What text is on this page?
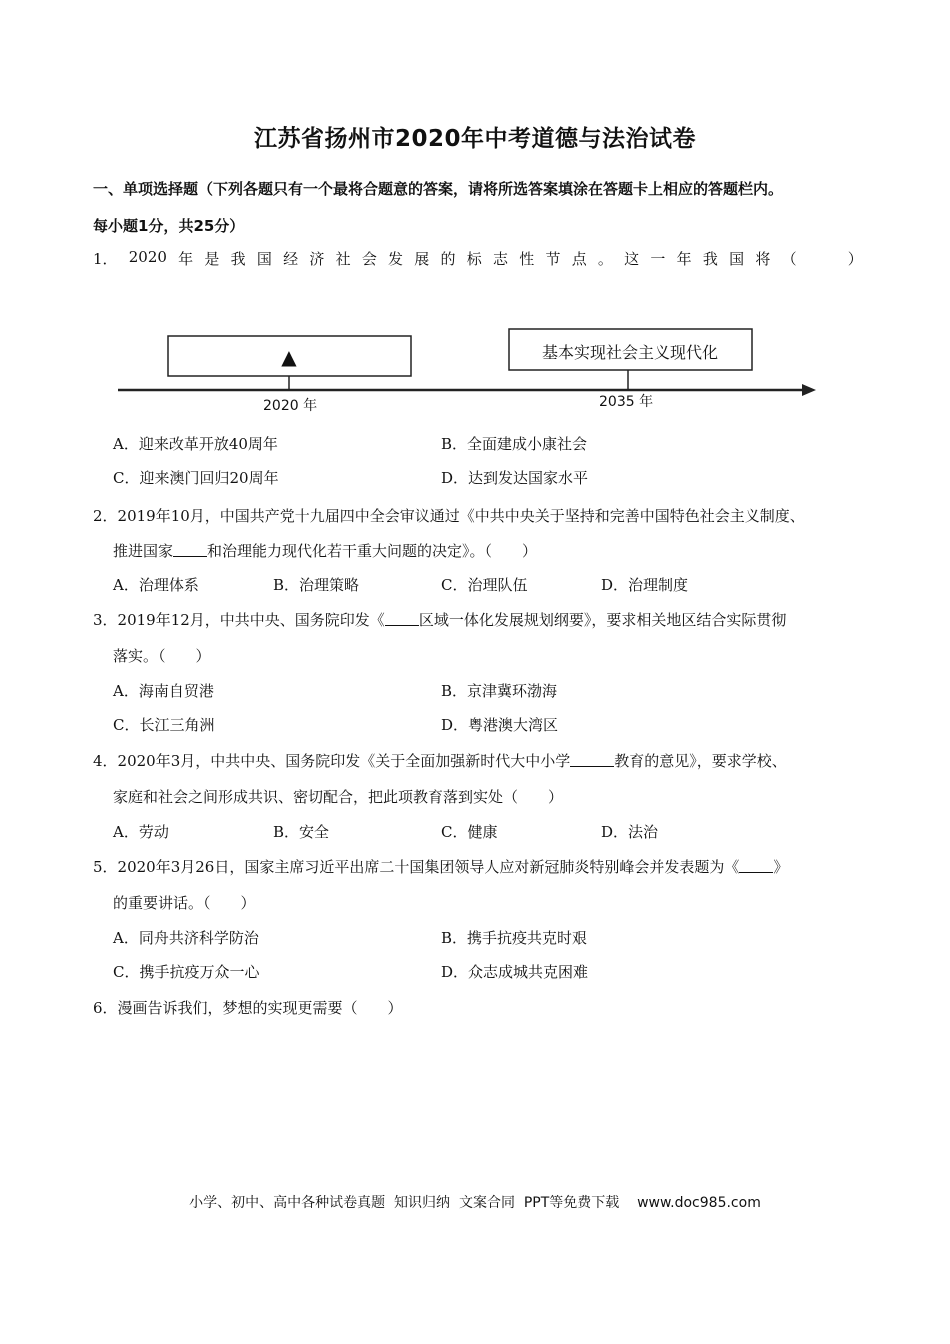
江苏省扬州市2020年中考道德与法治试卷
一、单项选择题（下列各题只有一个最将合题意的答案，请将所选答案填涂在答题卡上相应的答题栏内。
每小题1分，共25分）
1． 2020 年 是 我 国 经 济 社 会 发 展 的 标 志 性 节 点 。 这 一 年 我 国 将 （	）
▲	基本实现社会主义现代化
2020 年	2035 年
A．迎来改革开放40周年	B．全面建成小康社会
C．迎来澳门回归20周年	D．达到发达国家水平
2．2019年10月，中国共产党十九届四中全会审议通过《中共中央关于坚持和完善中国特色社会主义制度、
推进国家 和治理能力现代化若干重大问题的决定》。（　　）
A．治理体系	B．治理策略	C．治理队伍	D．治理制度
3．2019年12月，中共中央、国务院印发《 区域一体化发展规划纲要》，要求相关地区结合实际贯彻
落实。（　　）
A．海南自贸港	B．京津冀环渤海
C．长江三角洲	D．粤港澳大湾区
4．2020年3月，中共中央、国务院印发《关于全面加强新时代大中小学	教育的意见》，要求学校、
家庭和社会之间形成共识、密切配合，把此项教育落到实处（　　）
A．劳动	B．安全	C．健康	D．法治
5．2020年3月26日，国家主席习近平出席二十国集团领导人应对新冠肺炎特别峰会并发表题为《 》
的重要讲话。（　　）
A．同舟共济科学防治	B．携手抗疫共克时艰
C．携手抗疫万众一心	D．众志成城共克困难
6．漫画告诉我们，梦想的实现更需要（　　）
小学、初中、高中各种试卷真题  知识归纳  文案合同  PPT等免费下载    www.doc985.com
